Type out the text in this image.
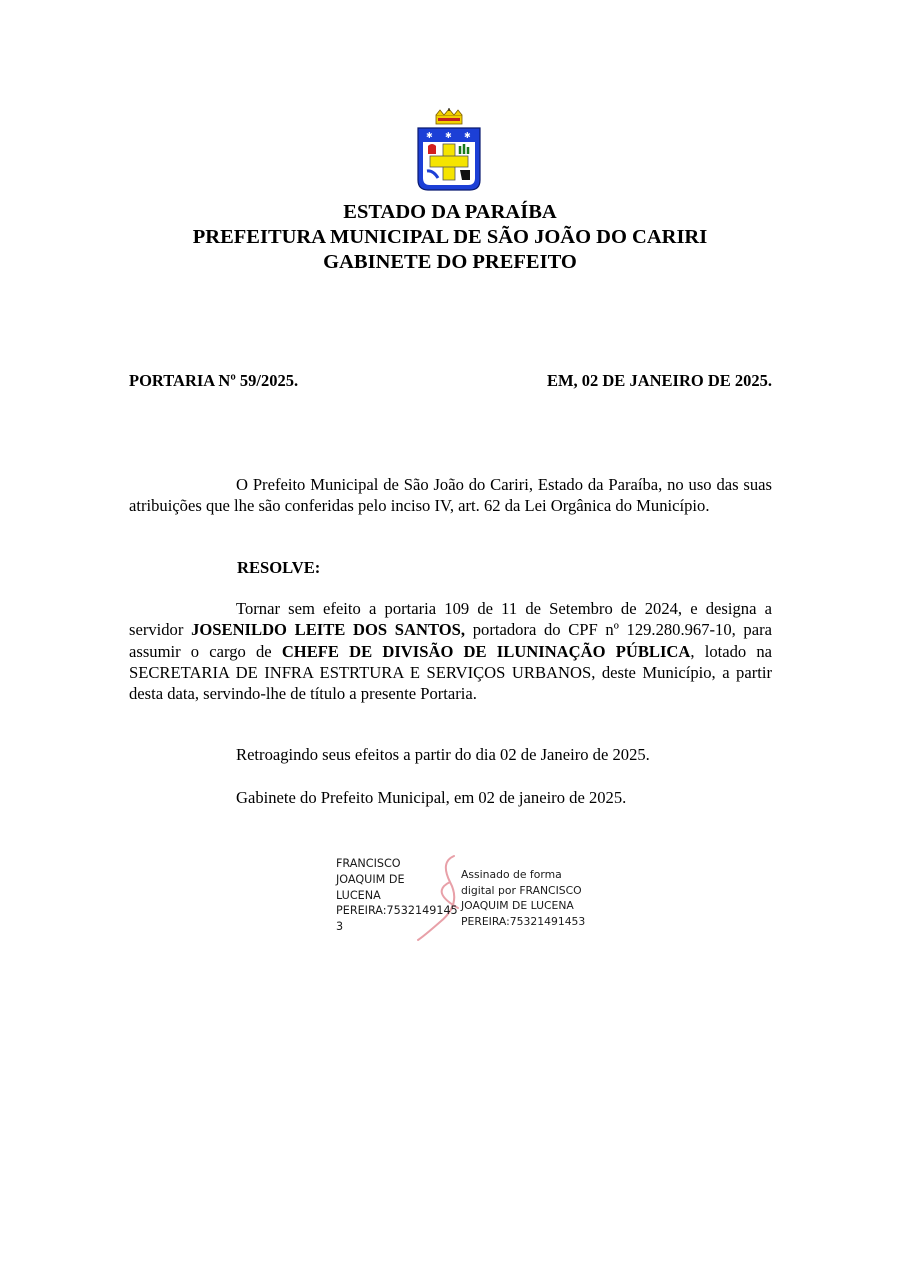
✱ ✱ ✱
ESTADO DA PARAÍBA
PREFEITURA MUNICIPAL DE SÃO JOÃO DO CARIRI
GABINETE DO PREFEITO
PORTARIA Nº 59/2025.	EM, 02 DE JANEIRO DE 2025.

O Prefeito Municipal de São João do Cariri, Estado da Paraíba, no uso das suas atribuições que lhe são conferidas pelo inciso IV, art. 62 da Lei Orgânica do Município.

RESOLVE:

Tornar sem efeito a portaria 109 de 11 de Setembro de 2024, e designa a servidor JOSENILDO LEITE DOS SANTOS, portadora do CPF nº 129.280.967-10, para assumir o cargo de CHEFE DE DIVISÃO DE ILUNINAÇÃO PÚBLICA, lotado na SECRETARIA DE INFRA ESTRTURA E SERVIÇOS URBANOS, deste Município, a partir desta data, servindo-lhe de título a presente Portaria.

Retroagindo seus efeitos a partir do dia 02 de Janeiro de 2025.
Gabinete do Prefeito Municipal, em 02 de janeiro de 2025.
FRANCISCO
JOAQUIM DE
LUCENA
PEREIRA:7532149145
3
Assinado de forma
digital por FRANCISCO
JOAQUIM DE LUCENA
PEREIRA:75321491453
